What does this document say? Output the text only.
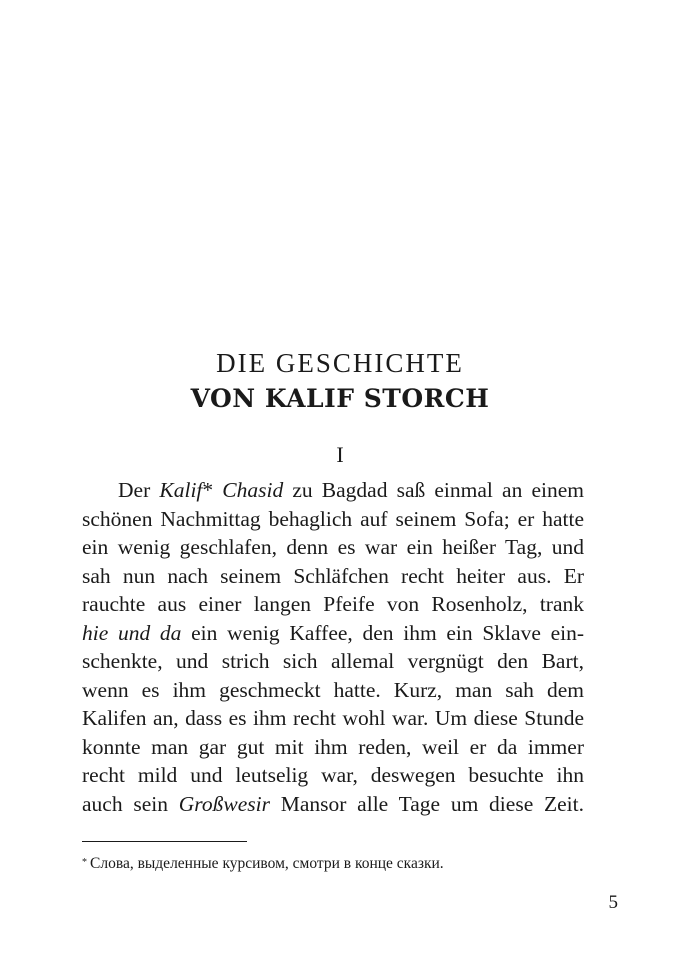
DIE GESCHICHTE
VON KALIF STORCH
I
Der Kalif* Chasid zu Bagdad saß einmal an einem
schönen Nachmittag behaglich auf seinem Sofa; er hatte
ein wenig geschlafen, denn es war ein heißer Tag, und
sah nun nach seinem Schläfchen recht heiter aus. Er
rauchte aus einer langen Pfeife von Rosenholz, trank
hie und da ein wenig Kaffee, den ihm ein Sklave ein-
schenkte, und strich sich allemal vergnügt den Bart,
wenn es ihm geschmeckt hatte. Kurz, man sah dem
Kalifen an, dass es ihm recht wohl war. Um diese Stunde
konnte man gar gut mit ihm reden, weil er da immer
recht mild und leutselig war, deswegen besuchte ihn
auch sein Großwesir Mansor alle Tage um diese Zeit.
* Слова, выделенные курсивом, смотри в конце сказки.
5
